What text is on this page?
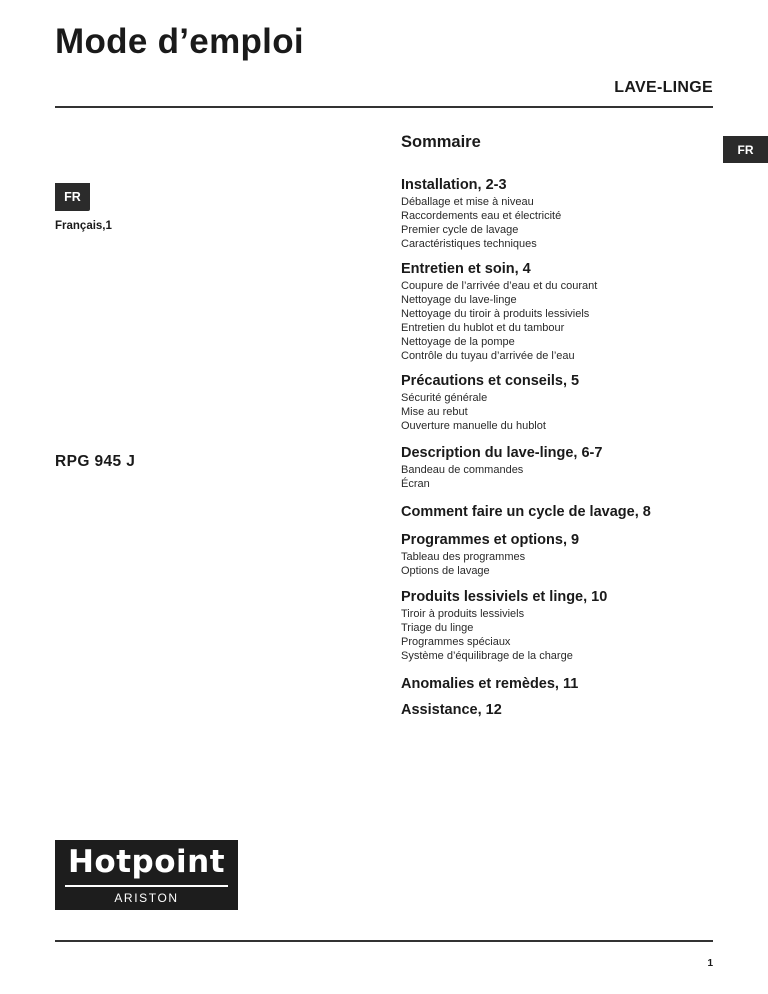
Mode d’emploi
LAVE-LINGE
Sommaire	FR
FR
Français,1
RPG 945 J
Installation, 2-3
Déballage et mise à niveau
Raccordements eau et électricité
Premier cycle de lavage
Caractéristiques techniques
Entretien et soin, 4
Coupure de l’arrivée d’eau et du courant
Nettoyage du lave-linge
Nettoyage du tiroir à produits lessiviels
Entretien du hublot et du tambour
Nettoyage de la pompe
Contrôle du tuyau d’arrivée de l’eau
Précautions et conseils, 5
Sécurité générale
Mise au rebut
Ouverture manuelle du hublot
Description du lave-linge, 6-7
Bandeau de commandes
Écran
Comment faire un cycle de lavage, 8
Programmes et options, 9
Tableau des programmes
Options de lavage
Produits lessiviels et linge, 10
Tiroir à produits lessiviels
Triage du linge
Programmes spéciaux
Système d’équilibrage de la charge
Anomalies et remèdes, 11
Assistance, 12
Hotpoint
ARISTON
1
